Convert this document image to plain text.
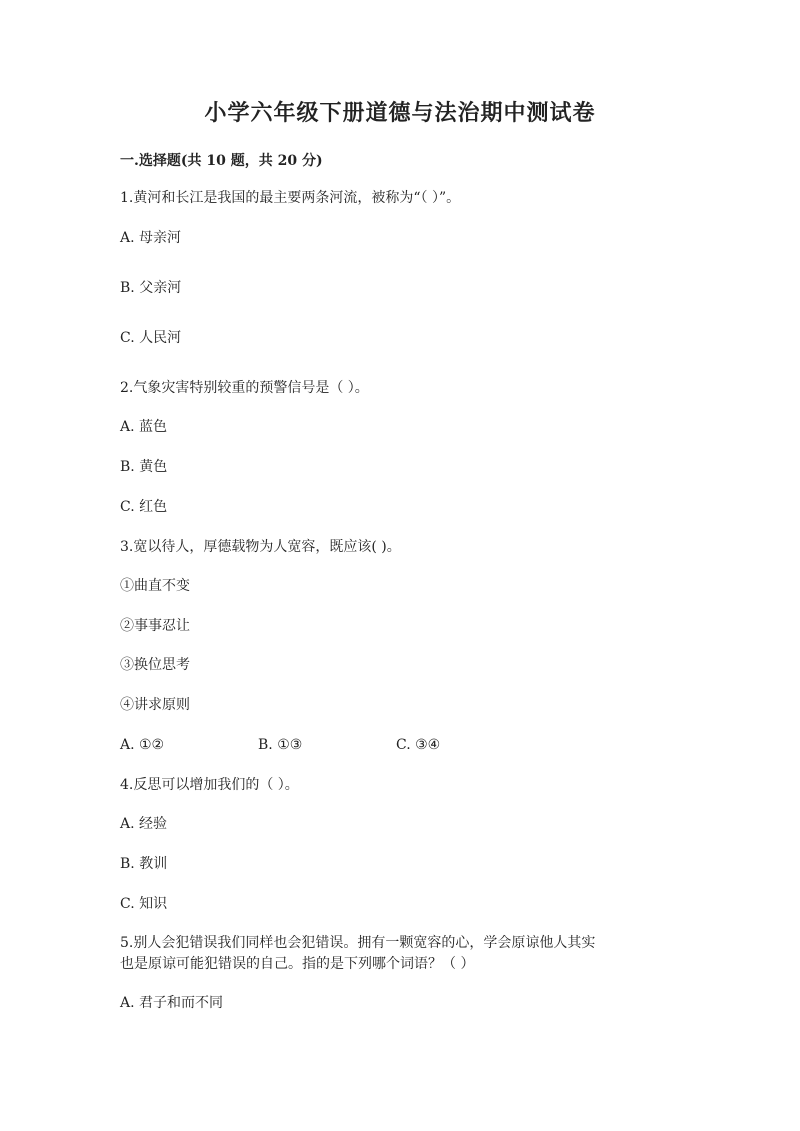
小学六年级下册道德与法治期中测试卷
一.选择题(共 10 题，共 20 分)
1.黄河和长江是我国的最主要两条河流，被称为“（ ）”。
A. 母亲河
B. 父亲河
C. 人民河
2.气象灾害特别较重的预警信号是（ ）。
A. 蓝色
B. 黄色
C. 红色
3.宽以待人，厚德载物为人宽容，既应该( )。
①曲直不变
②事事忍让
③换位思考
④讲求原则
A. ①②	B. ①③	C. ③④
4.反思可以增加我们的（ ）。
A. 经验
B. 教训
C. 知识
5.别人会犯错误我们同样也会犯错误。拥有一颗宽容的心，学会原谅他人其实
也是原谅可能犯错误的自己。指的是下列哪个词语？（ ）
A. 君子和而不同
